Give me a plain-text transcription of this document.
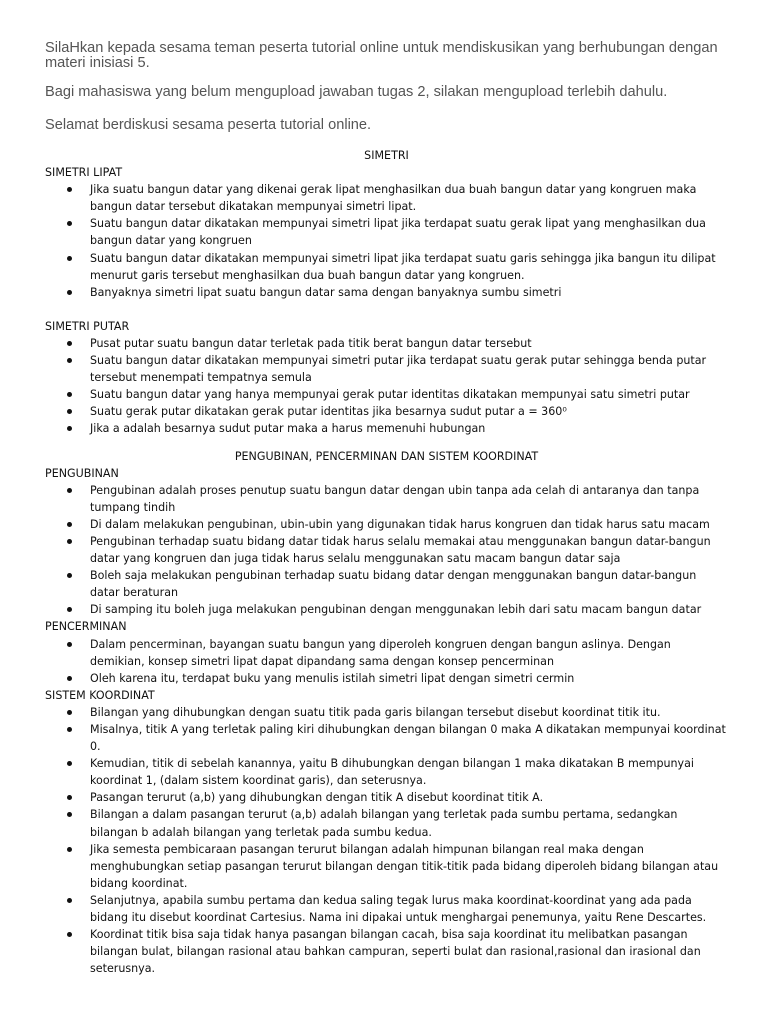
SilaHkan kepada sesama teman peserta tutorial online untuk mendiskusikan yang berhubungan dengan materi inisiasi 5.

Bagi mahasiswa yang belum mengupload jawaban tugas 2, silakan mengupload terlebih dahulu.

Selamat berdiskusi sesama peserta tutorial online.

SIMETRI
SIMETRI LIPAT
Jika suatu bangun datar yang dikenai gerak lipat menghasilkan dua buah bangun datar yang kongruen maka bangun datar tersebut dikatakan mempunyai simetri lipat.
Suatu bangun datar dikatakan mempunyai simetri lipat jika terdapat suatu gerak lipat yang menghasilkan dua bangun datar yang kongruen
Suatu bangun datar dikatakan mempunyai simetri lipat jika terdapat suatu garis sehingga jika bangun itu dilipat menurut garis tersebut menghasilkan dua buah bangun datar yang kongruen.
Banyaknya simetri lipat suatu bangun datar sama dengan banyaknya sumbu simetri
SIMETRI PUTAR
Pusat putar suatu bangun datar terletak pada titik berat bangun datar tersebut
Suatu bangun datar dikatakan mempunyai simetri putar jika terdapat suatu gerak putar sehingga benda putar tersebut menempati tempatnya semula
Suatu bangun datar yang hanya mempunyai gerak putar identitas dikatakan mempunyai satu simetri putar
Suatu gerak putar dikatakan gerak putar identitas jika besarnya sudut putar a = 360⁰
Jika a adalah besarnya sudut putar maka a harus memenuhi hubungan
PENGUBINAN, PENCERMINAN DAN SISTEM KOORDINAT
PENGUBINAN
Pengubinan adalah proses penutup suatu bangun datar dengan ubin tanpa ada celah di antaranya dan tanpa tumpang tindih
Di dalam melakukan pengubinan, ubin-ubin yang digunakan tidak harus kongruen dan tidak harus satu macam
Pengubinan terhadap suatu bidang datar tidak harus selalu memakai atau menggunakan bangun datar-bangun datar yang kongruen dan juga tidak harus selalu menggunakan satu macam bangun datar saja
Boleh saja melakukan pengubinan terhadap suatu bidang datar dengan menggunakan bangun datar-bangun datar beraturan
Di samping itu boleh juga melakukan pengubinan dengan menggunakan lebih dari satu macam bangun datar
PENCERMINAN
Dalam pencerminan, bayangan suatu bangun yang diperoleh kongruen dengan bangun aslinya. Dengan demikian, konsep simetri lipat dapat dipandang sama dengan konsep pencerminan
Oleh karena itu, terdapat buku yang menulis istilah simetri lipat dengan simetri cermin
SISTEM KOORDINAT
Bilangan yang dihubungkan dengan suatu titik pada garis bilangan tersebut disebut koordinat titik itu.
Misalnya, titik A yang terletak paling kiri dihubungkan dengan bilangan 0 maka A dikatakan mempunyai koordinat 0.
Kemudian, titik di sebelah kanannya, yaitu B dihubungkan dengan bilangan 1 maka dikatakan B mempunyai koordinat 1, (dalam sistem koordinat garis), dan seterusnya.
Pasangan terurut (a,b) yang dihubungkan dengan titik A disebut koordinat titik A.
Bilangan a dalam pasangan terurut (a,b) adalah bilangan yang terletak pada sumbu pertama, sedangkan bilangan b adalah bilangan yang terletak pada sumbu kedua.
Jika semesta pembicaraan pasangan terurut bilangan adalah himpunan bilangan real maka dengan menghubungkan setiap pasangan terurut bilangan dengan titik-titik pada bidang diperoleh bidang bilangan atau bidang koordinat.
Selanjutnya, apabila sumbu pertama dan kedua saling tegak lurus maka koordinat-koordinat yang ada pada bidang itu disebut koordinat Cartesius. Nama ini dipakai untuk menghargai penemunya, yaitu Rene Descartes.
Koordinat titik bisa saja tidak hanya pasangan bilangan cacah, bisa saja koordinat itu melibatkan pasangan bilangan bulat, bilangan rasional atau bahkan campuran, seperti bulat dan rasional,rasional dan irasional dan seterusnya.
